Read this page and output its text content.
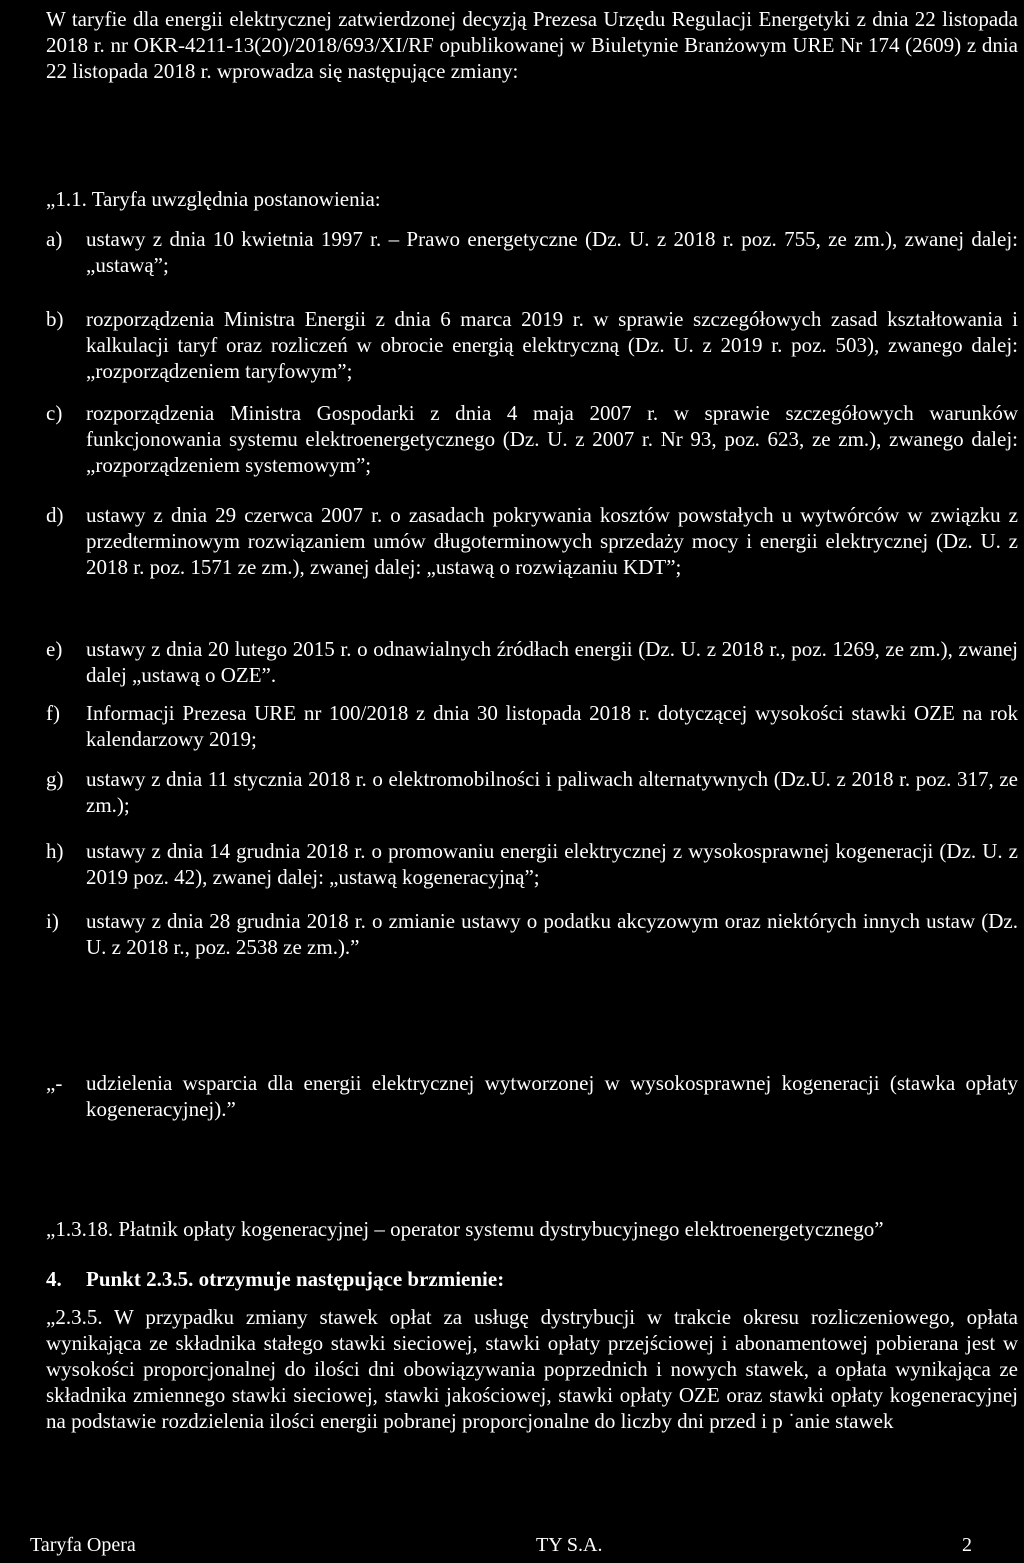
W taryfie dla energii elektrycznej zatwierdzonej decyzją Prezesa Urzędu Regulacji Energetyki z dnia 22 listopada 2018 r. nr OKR-4211-13(20)/2018/693/XI/RF opublikowanej w Biuletynie Branżowym URE Nr 174 (2609) z dnia 22 listopada 2018 r. wprowadza się następujące zmiany:
„1.1. Taryfa uwzględnia postanowienia:
a)	ustawy z dnia 10 kwietnia 1997 r. – Prawo energetyczne (Dz. U. z 2018 r. poz. 755, ze zm.), zwanej dalej: „ustawą”;
b)	rozporządzenia Ministra Energii z dnia 6 marca 2019 r. w sprawie szczegółowych zasad kształtowania i kalkulacji taryf oraz rozliczeń w obrocie energią elektryczną (Dz. U. z 2019 r. poz. 503), zwanego dalej: „rozporządzeniem taryfowym”;
c)	rozporządzenia Ministra Gospodarki z dnia 4 maja 2007 r. w sprawie szczegółowych warunków funkcjonowania systemu elektroenergetycznego (Dz. U. z 2007 r. Nr 93, poz. 623, ze zm.), zwanego dalej: „rozporządzeniem systemowym”;
d)	ustawy z dnia 29 czerwca 2007 r. o zasadach pokrywania kosztów powstałych u wytwórców w związku z przedterminowym rozwiązaniem umów długoterminowych sprzedaży mocy i energii elektrycznej (Dz. U. z 2018 r. poz. 1571 ze zm.), zwanej dalej: „ustawą o rozwiązaniu KDT”;
e)	ustawy z dnia 20 lutego 2015 r. o odnawialnych źródłach energii (Dz. U. z 2018 r., poz. 1269, ze zm.), zwanej dalej „ustawą o OZE”.
f)	Informacji Prezesa URE nr 100/2018 z dnia 30 listopada 2018 r. dotyczącej wysokości stawki OZE na rok kalendarzowy 2019;
g)	ustawy z dnia 11 stycznia 2018 r. o elektromobilności i paliwach alternatywnych (Dz.U. z 2018 r. poz. 317, ze zm.);
h)	ustawy z dnia 14 grudnia 2018 r. o promowaniu energii elektrycznej z wysokosprawnej kogeneracji (Dz. U. z 2019 poz. 42), zwanej dalej: „ustawą kogeneracyjną”;
i)	ustawy z dnia 28 grudnia 2018 r. o zmianie ustawy o podatku akcyzowym oraz niektórych innych ustaw (Dz. U. z 2018 r., poz. 2538 ze zm.).”
„-	udzielenia wsparcia dla energii elektrycznej wytworzonej w wysokosprawnej kogeneracji (stawka opłaty kogeneracyjnej).”
„1.3.18. Płatnik opłaty kogeneracyjnej – operator systemu dystrybucyjnego elektroenergetycznego”
4.	Punkt 2.3.5. otrzymuje następujące brzmienie:
„2.3.5. W przypadku zmiany stawek opłat za usługę dystrybucji w trakcie okresu rozliczeniowego, opłata wynikająca ze składnika stałego stawki sieciowej, stawki opłaty przejściowej i abonamentowej pobierana jest w wysokości proporcjonalnej do ilości dni obowiązywania poprzednich i nowych stawek, a opłata wynikająca ze składnika zmiennego stawki sieciowej, stawki jakościowej, stawki opłaty OZE oraz stawki opłaty kogeneracyjnej na podstawie rozdzielenia ilości energii pobranej proporcjonalne do liczby dni przed i p ˙anie stawek
Taryfa Opera	TY S.A.	2
